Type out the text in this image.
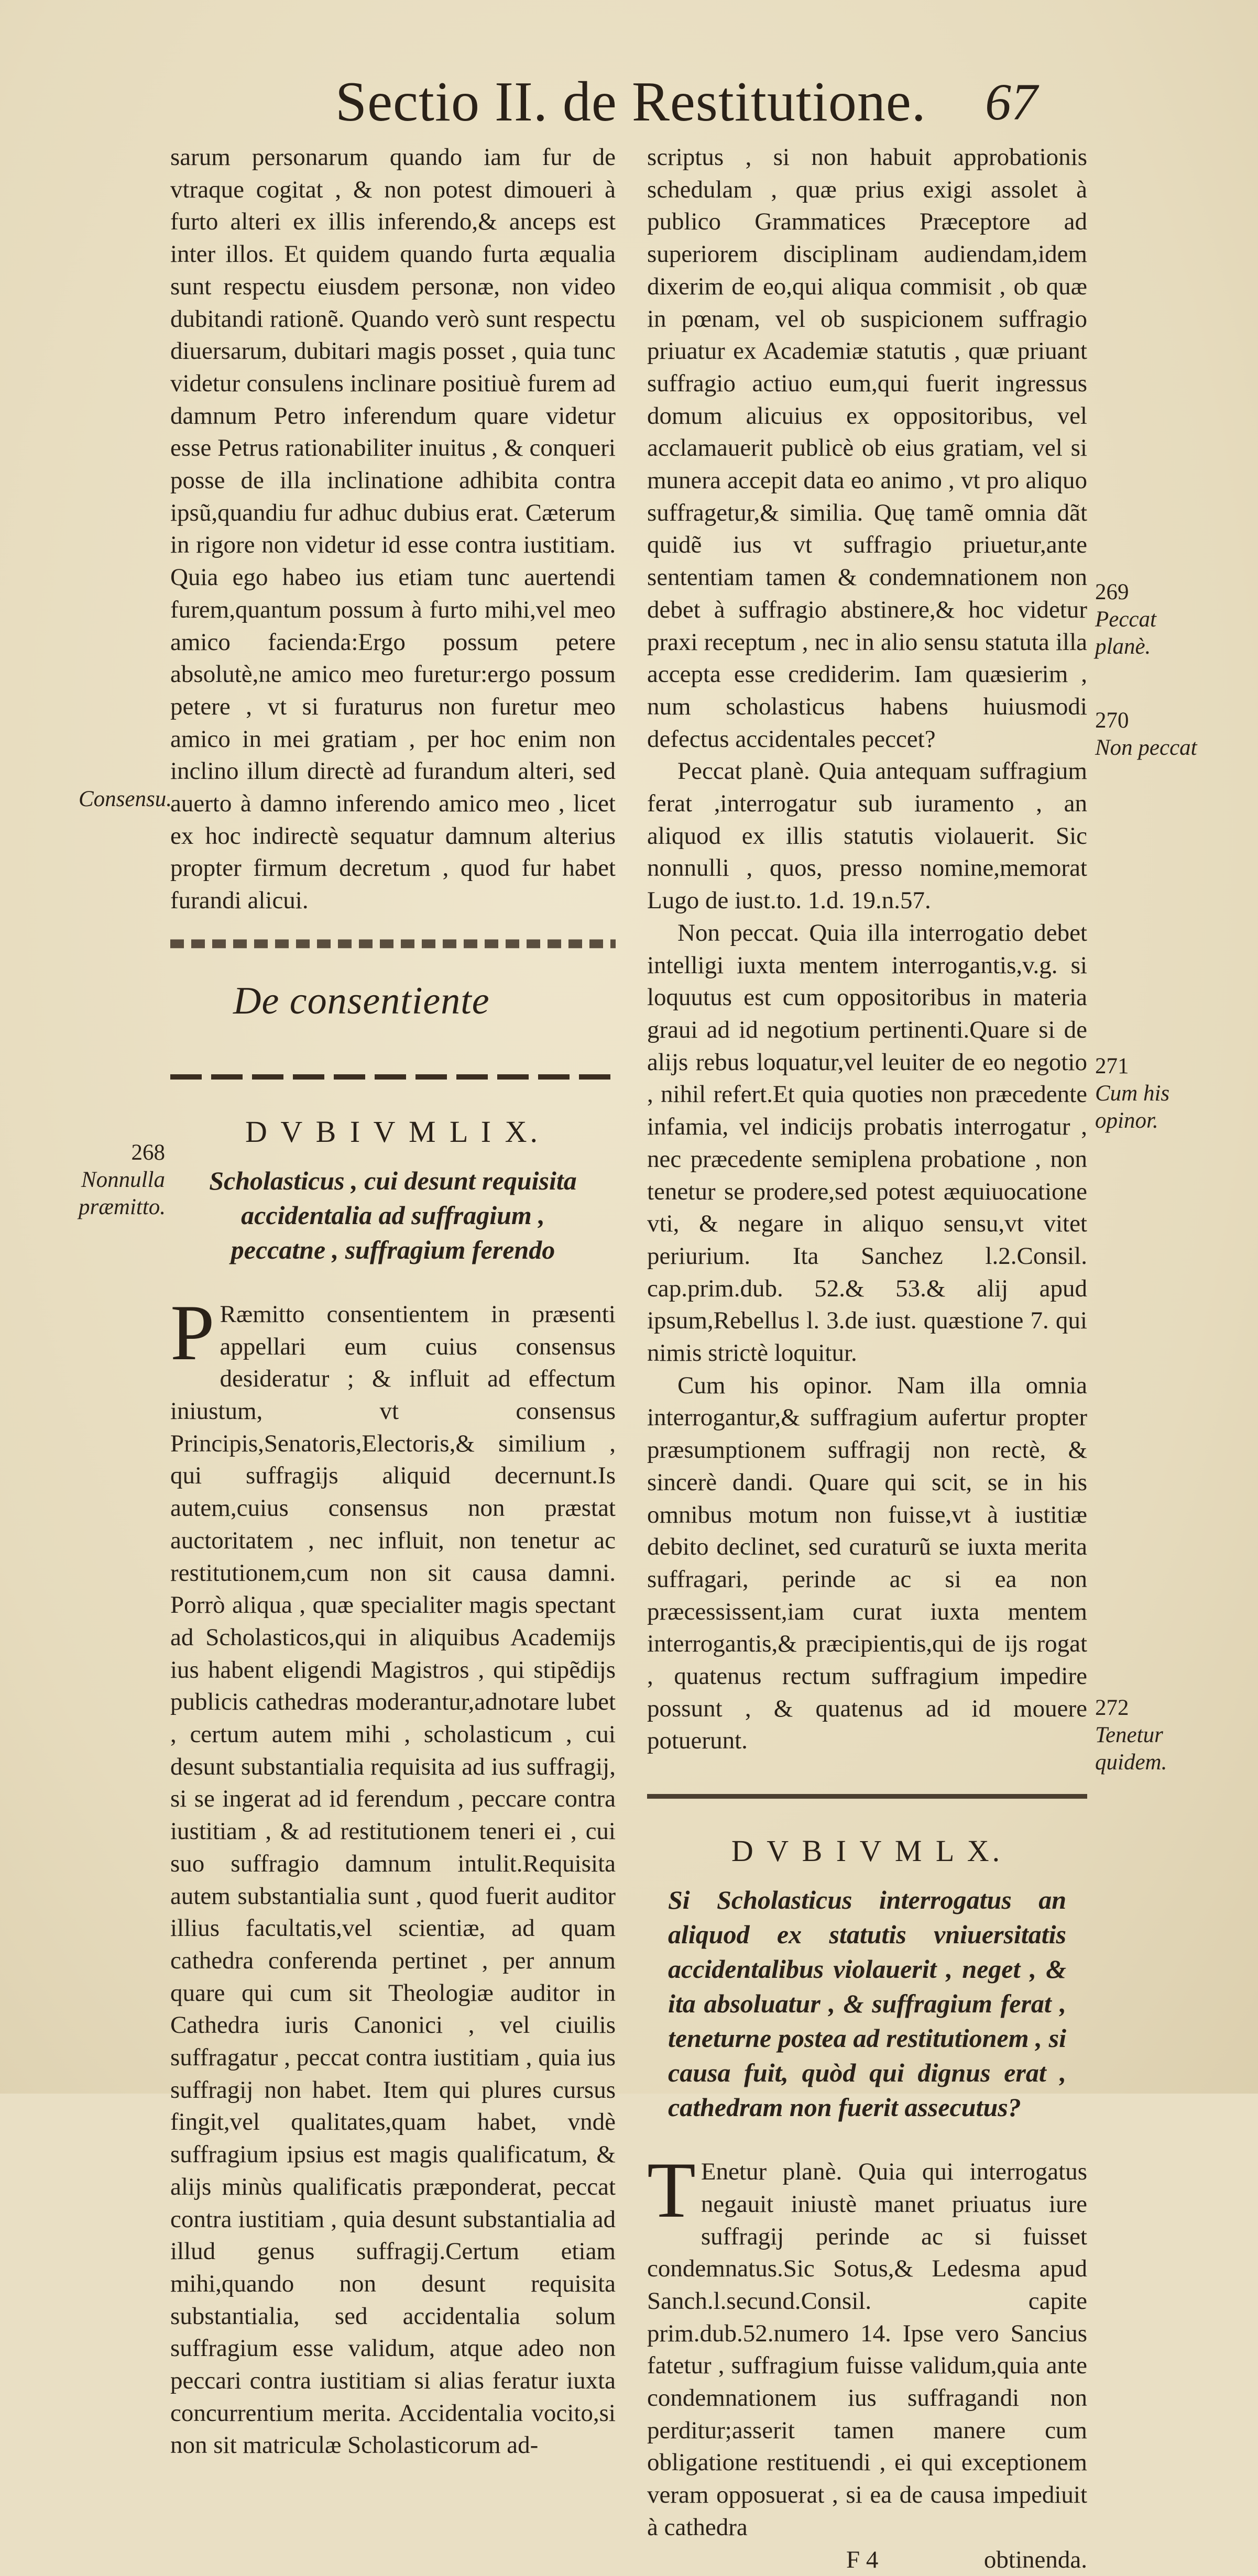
Sectio II. de Restitutione. 67

sarum personarum quando iam fur de vtraque cogitat , & non potest dimoueri à furto alteri ex illis inferendo,& anceps est inter illos. Et quidem quando furta æqualia sunt respectu eiusdem personæ, non video dubitandi rationẽ. Quando verò sunt respectu diuersarum, dubitari magis posset , quia tunc videtur consulens inclinare positiuè furem ad damnum Petro inferendum quare videtur esse Petrus rationabiliter inuitus , & conqueri posse de illa inclinatione adhibita contra ipsũ,quandiu fur adhuc dubius erat. Cæterum in rigore non videtur id esse contra iustitiam. Quia ego habeo ius etiam tunc auertendi furem,quantum possum à furto mihi,vel meo amico facienda:Ergo possum petere absolutè,ne amico meo furetur:ergo possum petere , vt si furaturus non furetur meo amico in mei gratiam , per hoc enim non inclino illum directè ad furandum alteri, sed auerto à damno inferendo amico meo , licet ex hoc indirectè sequatur damnum alterius propter firmum decretum , quod fur habet furandi alicui.

De consentiente
D V B I V M L I X.
Scholasticus , cui desunt requisita accidentalia ad suffragium , peccatne , suffragium ferendo

P Ræmitto consentientem in præsenti appellari eum cuius consensus desideratur ; & influit ad effectum iniustum, vt consensus Principis,Senatoris,Electoris,& similium , qui suffragijs aliquid decernunt.Is autem,cuius consensus non præstat auctoritatem , nec influit, non tenetur ac restitutionem,cum non sit causa damni. Porrò aliqua , quæ specialiter magis spectant ad Scholasticos,qui in aliquibus Academijs ius habent eligendi Magistros , qui stipẽdijs publicis cathedras moderantur,adnotare lubet , certum autem mihi , scholasticum , cui desunt substantialia requisita ad ius suffragij, si se ingerat ad id ferendum , peccare contra iustitiam , & ad restitutionem teneri ei , cui suo suffragio damnum intulit.Requisita autem substantialia sunt , quod fuerit auditor illius facultatis,vel scientiæ, ad quam cathedra conferenda pertinet , per annum quare qui cum sit Theologiæ auditor in Cathedra iuris Canonici , vel ciuilis suffragatur , peccat contra iustitiam , quia ius suffragij non habet. Item qui plures cursus fingit,vel qualitates,quam habet, vndè suffragium ipsius est magis qualificatum, & alijs minùs qualificatis præponderat, peccat contra iustitiam , quia desunt substantialia ad illud genus suffragij.Certum etiam mihi,quando non desunt requisita substantialia, sed accidentalia solum suffragium esse validum, atque adeo non peccari contra iustitiam si alias feratur iuxta concurrentium merita. Accidentalia vocito,si non sit matriculæ Scholasticorum ad-

scriptus , si non habuit approbationis schedulam , quæ prius exigi assolet à publico Grammatices Præceptore ad superiorem disciplinam audiendam,idem dixerim de eo,qui aliqua commisit , ob quæ in pœnam, vel ob suspicionem suffragio priuatur ex Academiæ statutis , quæ priuant suffragio actiuo eum,qui fuerit ingressus domum alicuius ex oppositoribus, vel acclamauerit publicè ob eius gratiam, vel si munera accepit data eo animo , vt pro aliquo suffragetur,& similia. Quę tamẽ omnia dãt quidẽ ius vt suffragio priuetur,ante sententiam tamen & condemnationem non debet à suffragio abstinere,& hoc videtur praxi receptum , nec in alio sensu statuta illa accepta esse crediderim. Iam quæsierim , num scholasticus habens huiusmodi defectus accidentales peccet?

Peccat planè. Quia antequam suffragium ferat ,interrogatur sub iuramento , an aliquod ex illis statutis violauerit. Sic nonnulli , quos, presso nomine,memorat Lugo de iust.to. 1.d. 19.n.57.

Non peccat. Quia illa interrogatio debet intelligi iuxta mentem interrogantis,v.g. si loquutus est cum oppositoribus in materia graui ad id negotium pertinenti.Quare si de alijs rebus loquatur,vel leuiter de eo negotio , nihil refert.Et quia quoties non præcedente infamia, vel indicijs probatis interrogatur , nec præcedente semiplena probatione , non tenetur se prodere,sed potest æquiuocatione vti, & negare in aliquo sensu,vt vitet periurium. Ita Sanchez l.2.Consil. cap.prim.dub. 52.& 53.& alij apud ipsum,Rebellus l. 3.de iust. quæstione 7. qui nimis strictè loquitur.

Cum his opinor. Nam illa omnia interrogantur,& suffragium aufertur propter præsumptionem suffragij non rectè, & sincerè dandi. Quare qui scit, se in his omnibus motum non fuisse,vt à iustitiæ debito declinet, sed curaturũ se iuxta merita suffragari, perinde ac si ea non præcessissent,iam curat iuxta mentem interrogantis,& præcipientis,qui de ijs rogat , quatenus rectum suffragium impedire possunt , & quatenus ad id mouere potuerunt.

D V B I V M L X.
Si Scholasticus interrogatus an aliquod ex statutis vniuersitatis accidentalibus violauerit , neget , & ita absoluatur , & suffragium ferat , teneturne postea ad restitutionem , si causa fuit, quòd qui dignus erat , cathedram non fuerit assecutus?

T Enetur planè. Quia qui interrogatus negauit iniustè manet priuatus iure suffragij perinde ac si fuisset condemnatus.Sic Sotus,& Ledesma apud Sanch.l.secund.Consil. capite prim.dub.52.numero 14. Ipse vero Sancius fatetur , suffragium fuisse validum,quia ante condemnationem ius suffragandi non perditur;asserit tamen manere cum obligatione restituendi , ei qui exceptionem veram opposuerat , si ea de causa impediuit à cathedra

F 4	obtinenda.
Consensu.
268
Nonnulla præmitto.
269
Peccat planè.
270
Non peccat
271
Cum his opinor.
272
Tenetur quidem.
